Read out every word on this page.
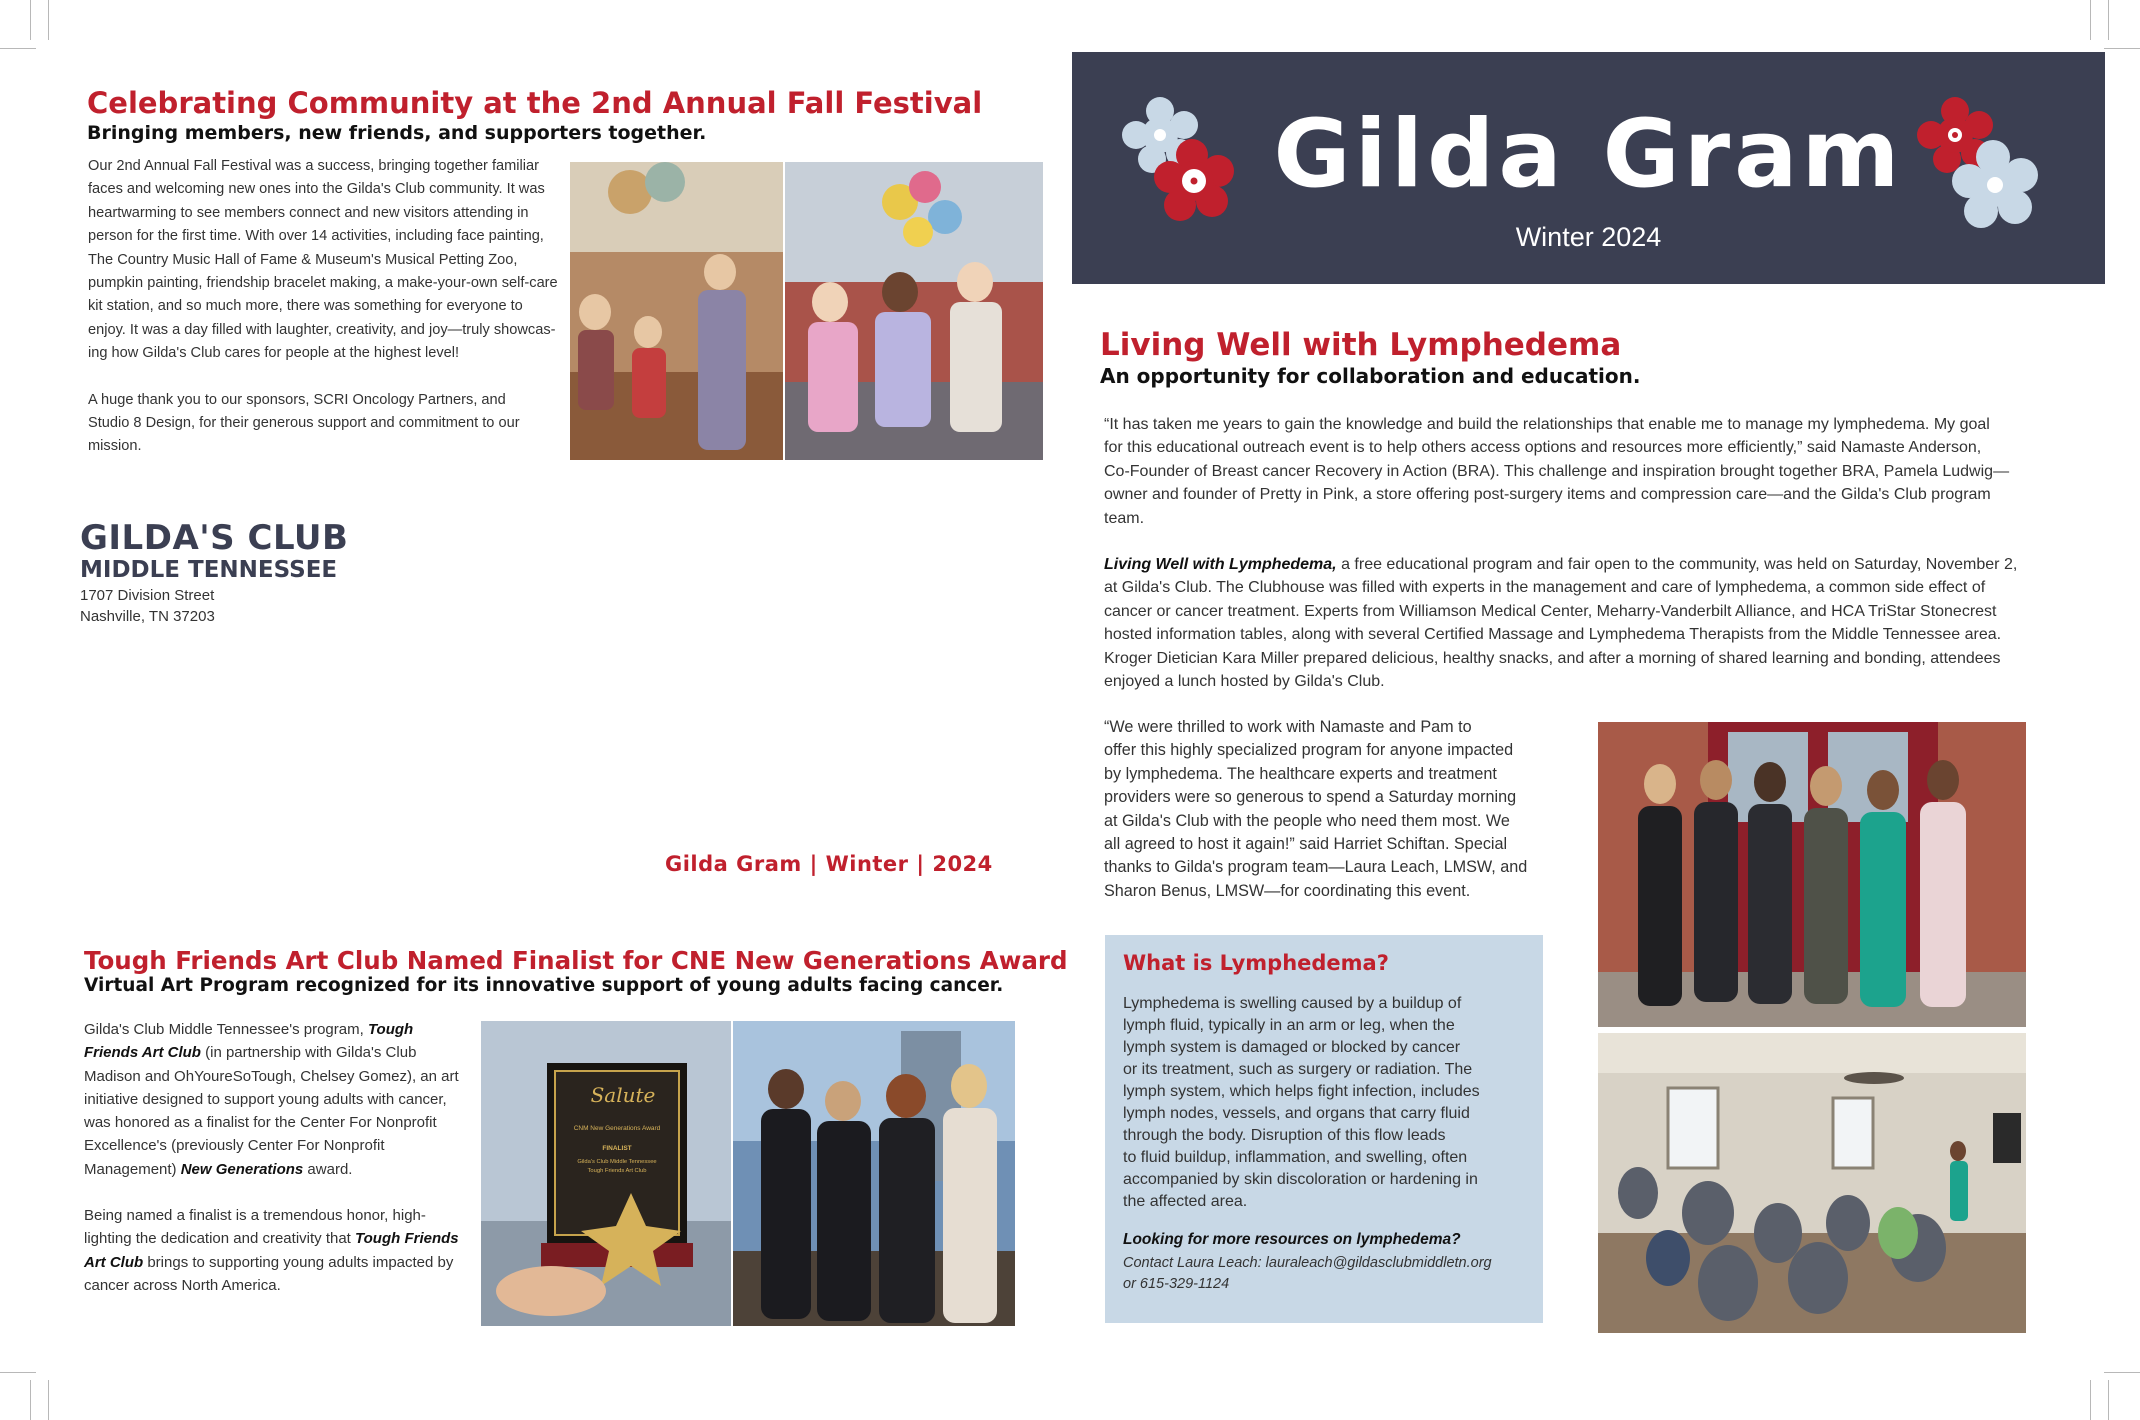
Celebrating Community at the 2nd Annual Fall Festival
Bringing members, new friends, and supporters together.
Our 2nd Annual Fall Festival was a success, bringing together familiar
faces and welcoming new ones into the Gilda's Club community. It was
heartwarming to see members connect and new visitors attending in
person for the first time. With over 14 activities, including face painting,
The Country Music Hall of Fame & Museum's Musical Petting Zoo,
pumpkin painting, friendship bracelet making, a make-your-own self-care
kit station, and so much more, there was something for everyone to
enjoy. It was a day filled with laughter, creativity, and joy—truly showcas-
ing how Gilda's Club cares for people at the highest level!
A huge thank you to our sponsors, SCRI Oncology Partners, and
Studio 8 Design, for their generous support and commitment to our
mission.
GILDA'S CLUB
MIDDLE TENNESSEE
1707 Division Street
Nashville, TN 37203
Gilda Gram | Winter | 2024
Tough Friends Art Club Named Finalist for CNE New Generations Award
Virtual Art Program recognized for its innovative support of young adults facing cancer.

Gilda's Club Middle Tennessee's program, Tough Friends Art Club (in partnership with Gilda's Club Madison and OhYoureSoTough, Chelsey Gomez), an art initiative designed to support young adults with cancer, was honored as a finalist for the Center For Nonprofit Excellence's (previously Center For Nonprofit Management) New Generations award.

Being named a finalist is a tremendous honor, high-lighting the dedication and creativity that Tough Friends Art Club brings to supporting young adults impacted by cancer across North America.

Salute
CNM New Generations Award
FINALIST
Gilda's Club Middle Tennessee
Tough Friends Art Club
Gilda Gram
Winter 2024
Living Well with Lymphedema
An opportunity for collaboration and education.
“It has taken me years to gain the knowledge and build the relationships that enable me to manage my lymphedema. My goal
for this educational outreach event is to help others access options and resources more efficiently,” said Namaste Anderson,
Co-Founder of Breast cancer Recovery in Action (BRA). This challenge and inspiration brought together BRA, Pamela Ludwig—
owner and founder of Pretty in Pink, a store offering post-surgery items and compression care—and the Gilda's Club program
team.
Living Well with Lymphedema, a free educational program and fair open to the community, was held on Saturday, November 2,
at Gilda's Club. The Clubhouse was filled with experts in the management and care of lymphedema, a common side effect of
cancer or cancer treatment. Experts from Williamson Medical Center, Meharry-Vanderbilt Alliance, and HCA TriStar Stonecrest
hosted information tables, along with several Certified Massage and Lymphedema Therapists from the Middle Tennessee area.
Kroger Dietician Kara Miller prepared delicious, healthy snacks, and after a morning of shared learning and bonding, attendees
enjoyed a lunch hosted by Gilda's Club.
“We were thrilled to work with Namaste and Pam to
offer this highly specialized program for anyone impacted
by lymphedema. The healthcare experts and treatment
providers were so generous to spend a Saturday morning
at Gilda's Club with the people who need them most. We
all agreed to host it again!” said Harriet Schiftan. Special
thanks to Gilda's program team—Laura Leach, LMSW, and
Sharon Benus, LMSW—for coordinating this event.
What is Lymphedema?
Lymphedema is swelling caused by a buildup of
lymph fluid, typically in an arm or leg, when the
lymph system is damaged or blocked by cancer
or its treatment, such as surgery or radiation. The
lymph system, which helps fight infection, includes
lymph nodes, vessels, and organs that carry fluid
through the body. Disruption of this flow leads
to fluid buildup, inflammation, and swelling, often
accompanied by skin discoloration or hardening in
the affected area.
Looking for more resources on lymphedema?
Contact Laura Leach: lauraleach@gildasclubmiddletn.org
or 615-329-1124
